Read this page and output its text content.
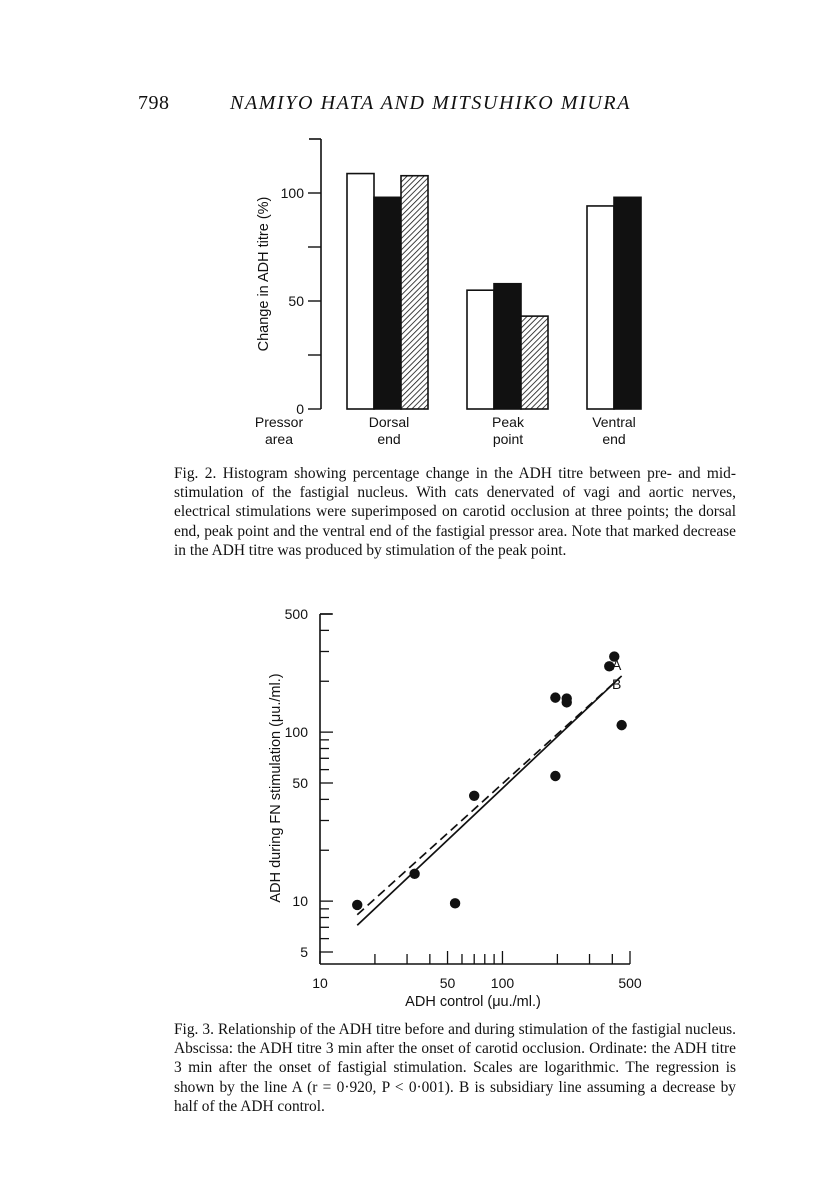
798	NAMIYO HATA AND MITSUHIKO MIURA
0
50
100
Change in ADH titre (%)
Pressor
area
Dorsal
end
Peak
point
Ventral
end
Fig. 2. Histogram showing percentage change in the ADH titre between pre- and mid-stimulation of the fastigial nucleus. With cats denervated of vagi and aortic nerves, electrical stimulations were superimposed on carotid occlusion at three points; the dorsal end, peak point and the ventral end of the fastigial pressor area. Note that marked decrease in the ADH titre was produced by stimulation of the peak point.
5
10
50
100
500
10	50	100	500
ADH during FN stimulation (μu./ml.)
ADH control (μu./ml.)
A
B
Fig. 3. Relationship of the ADH titre before and during stimulation of the fastigial nucleus. Abscissa: the ADH titre 3 min after the onset of carotid occlusion. Ordinate: the ADH titre 3 min after the onset of fastigial stimulation. Scales are logarithmic. The regression is shown by the line A (r = 0·920, P < 0·001). B is subsidiary line assuming a decrease by half of the ADH control.
